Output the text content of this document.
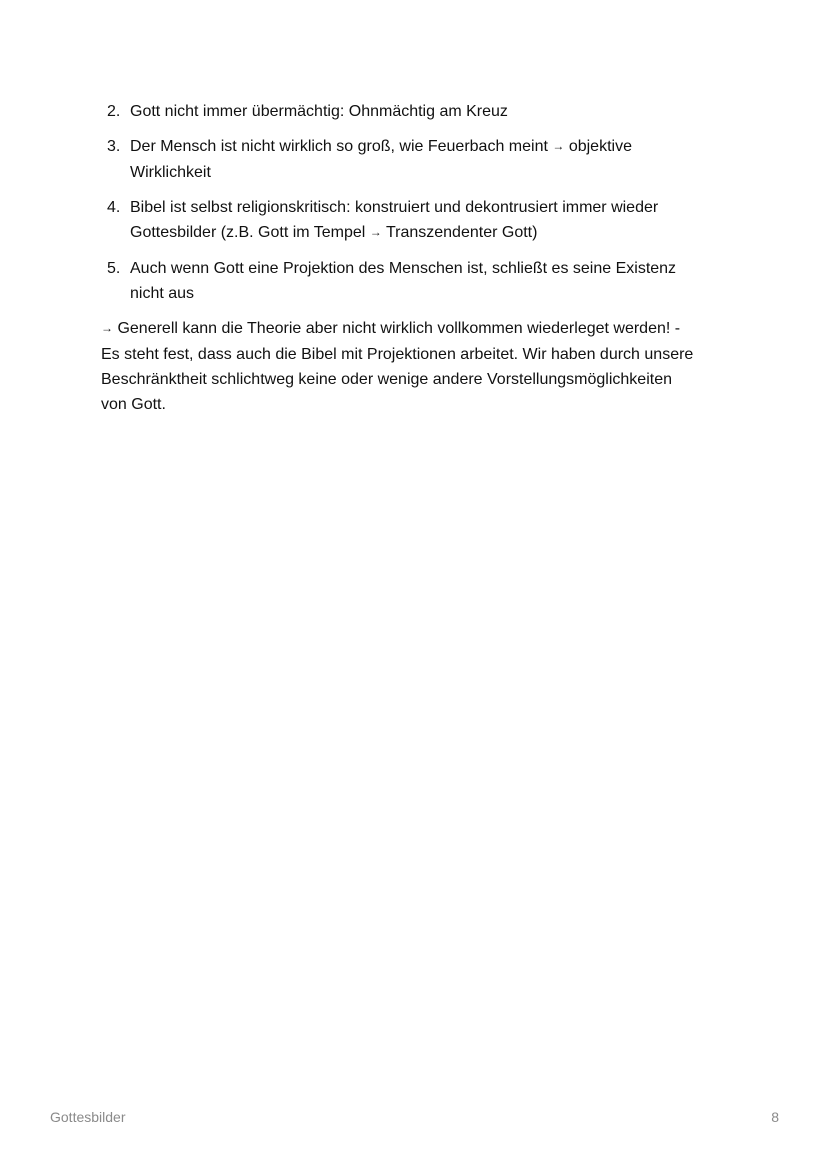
2. Gott nicht immer übermächtig: Ohnmächtig am Kreuz
3. Der Mensch ist nicht wirklich so groß, wie Feuerbach meint → objektive
Wirklichkeit
4. Bibel ist selbst religionskritisch: konstruiert und dekontrusiert immer wieder
Gottesbilder (z.B. Gott im Tempel → Transzendenter Gott)
5. Auch wenn Gott eine Projektion des Menschen ist, schließt es seine Existenz
nicht aus
→ Generell kann die Theorie aber nicht wirklich vollkommen wiederleget werden! -
Es steht fest, dass auch die Bibel mit Projektionen arbeitet. Wir haben durch unsere
Beschränktheit schlichtweg keine oder wenige andere Vorstellungsmöglichkeiten
von Gott.
Gottesbilder	8
